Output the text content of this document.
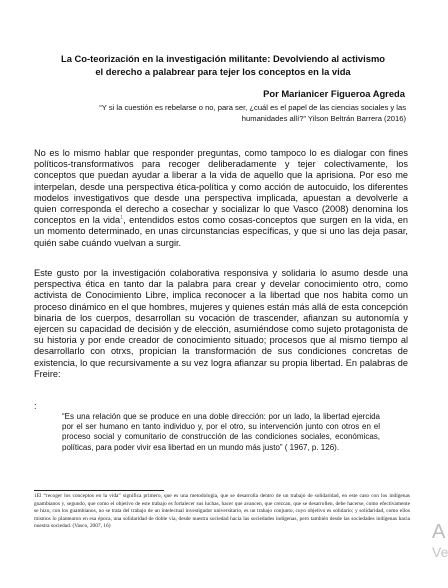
La Co-teorización en la investigación militante: Devolviendo al activismo
el derecho a palabrear para tejer los conceptos en la vida
Por Marianicer Figueroa Agreda
“Y si la cuestión es rebelarse o no, para ser, ¿cuál es el papel de las ciencias sociales y las
humanidades allí?” Yilson Beltrán Barrera (2016)

No es lo mismo hablar que responder preguntas, como tampoco lo es dialogar con fines políticos-transformativos para recoger deliberadamente y tejer colectivamente, los conceptos que puedan ayudar a liberar a la vida de aquello que la aprisiona. Por eso me interpelan, desde una perspectiva ética-política y como acción de autocuido, los diferentes modelos investigativos que desde una perspectiva implicada, apuestan a devolverle a quien corresponda el derecho a cosechar y socializar lo que Vasco (2008) denomina los conceptos en la vida$^1$, entendidos estos como cosas-conceptos que surgen en la vida, en un momento determinado, en unas circunstancias específicas, y que si uno las deja pasar, quién sabe cuándo vuelvan a surgir.

Este gusto por la investigación colaborativa responsiva y solidaria lo asumo desde una perspectiva ética en tanto dar la palabra para crear y develar conocimiento otro, como activista de Conocimiento Libre, implica reconocer a la libertad que nos habita como un proceso dinámico en el que hombres, mujeres y quienes están más allá de esta concepción binaria de los cuerpos, desarrollan su vocación de trascender, afianzan su autonomía y ejercen su capacidad de decisión y de elección, asumiéndose como sujeto protagonista de su historia y por ende creador de conocimiento situado; procesos que al mismo tiempo al desarrollarlo con otrxs, propician la transformación de sus condiciones concretas de existencia, lo que recursivamente a su vez logra afianzar su propia libertad. En palabras de Freire:

:
“Es una relación que se produce en una doble dirección: por un lado, la libertad ejercida por el ser humano en tanto individuo y, por el otro, su intervención junto con otros en el proceso social y comunitario de construcción de las condiciones sociales, económicas, políticas, para poder vivir esa libertad en un mundo más justo” ( 1967, p. 126).
1El “recoger los conceptos en la vida” significa primero, que es una metodología, que se desarrolla dentro de un trabajo de solidaridad, en este caso con los indígenas guambianos y, segundo, que como el objetivo de este trabajo es fortalecer sus luchas, hacer que avancen, que crezcan, que se desarrollen, debe hacerse, como efectivamente se hizo, con los guambianos, no se trata del trabajo de un intelectual investigador universitario, es un trabajo conjunto, cuyo objetivo es solidario; y solidaridad, como ellos mismos lo plantearon en esa época, una solidaridad de doble vía, desde nuestra sociedad hacia las sociedades indígenas, pero también desde las sociedades indígenas hacia nuestra sociedad. (Vasco, 2007, 16)	A
Ve
